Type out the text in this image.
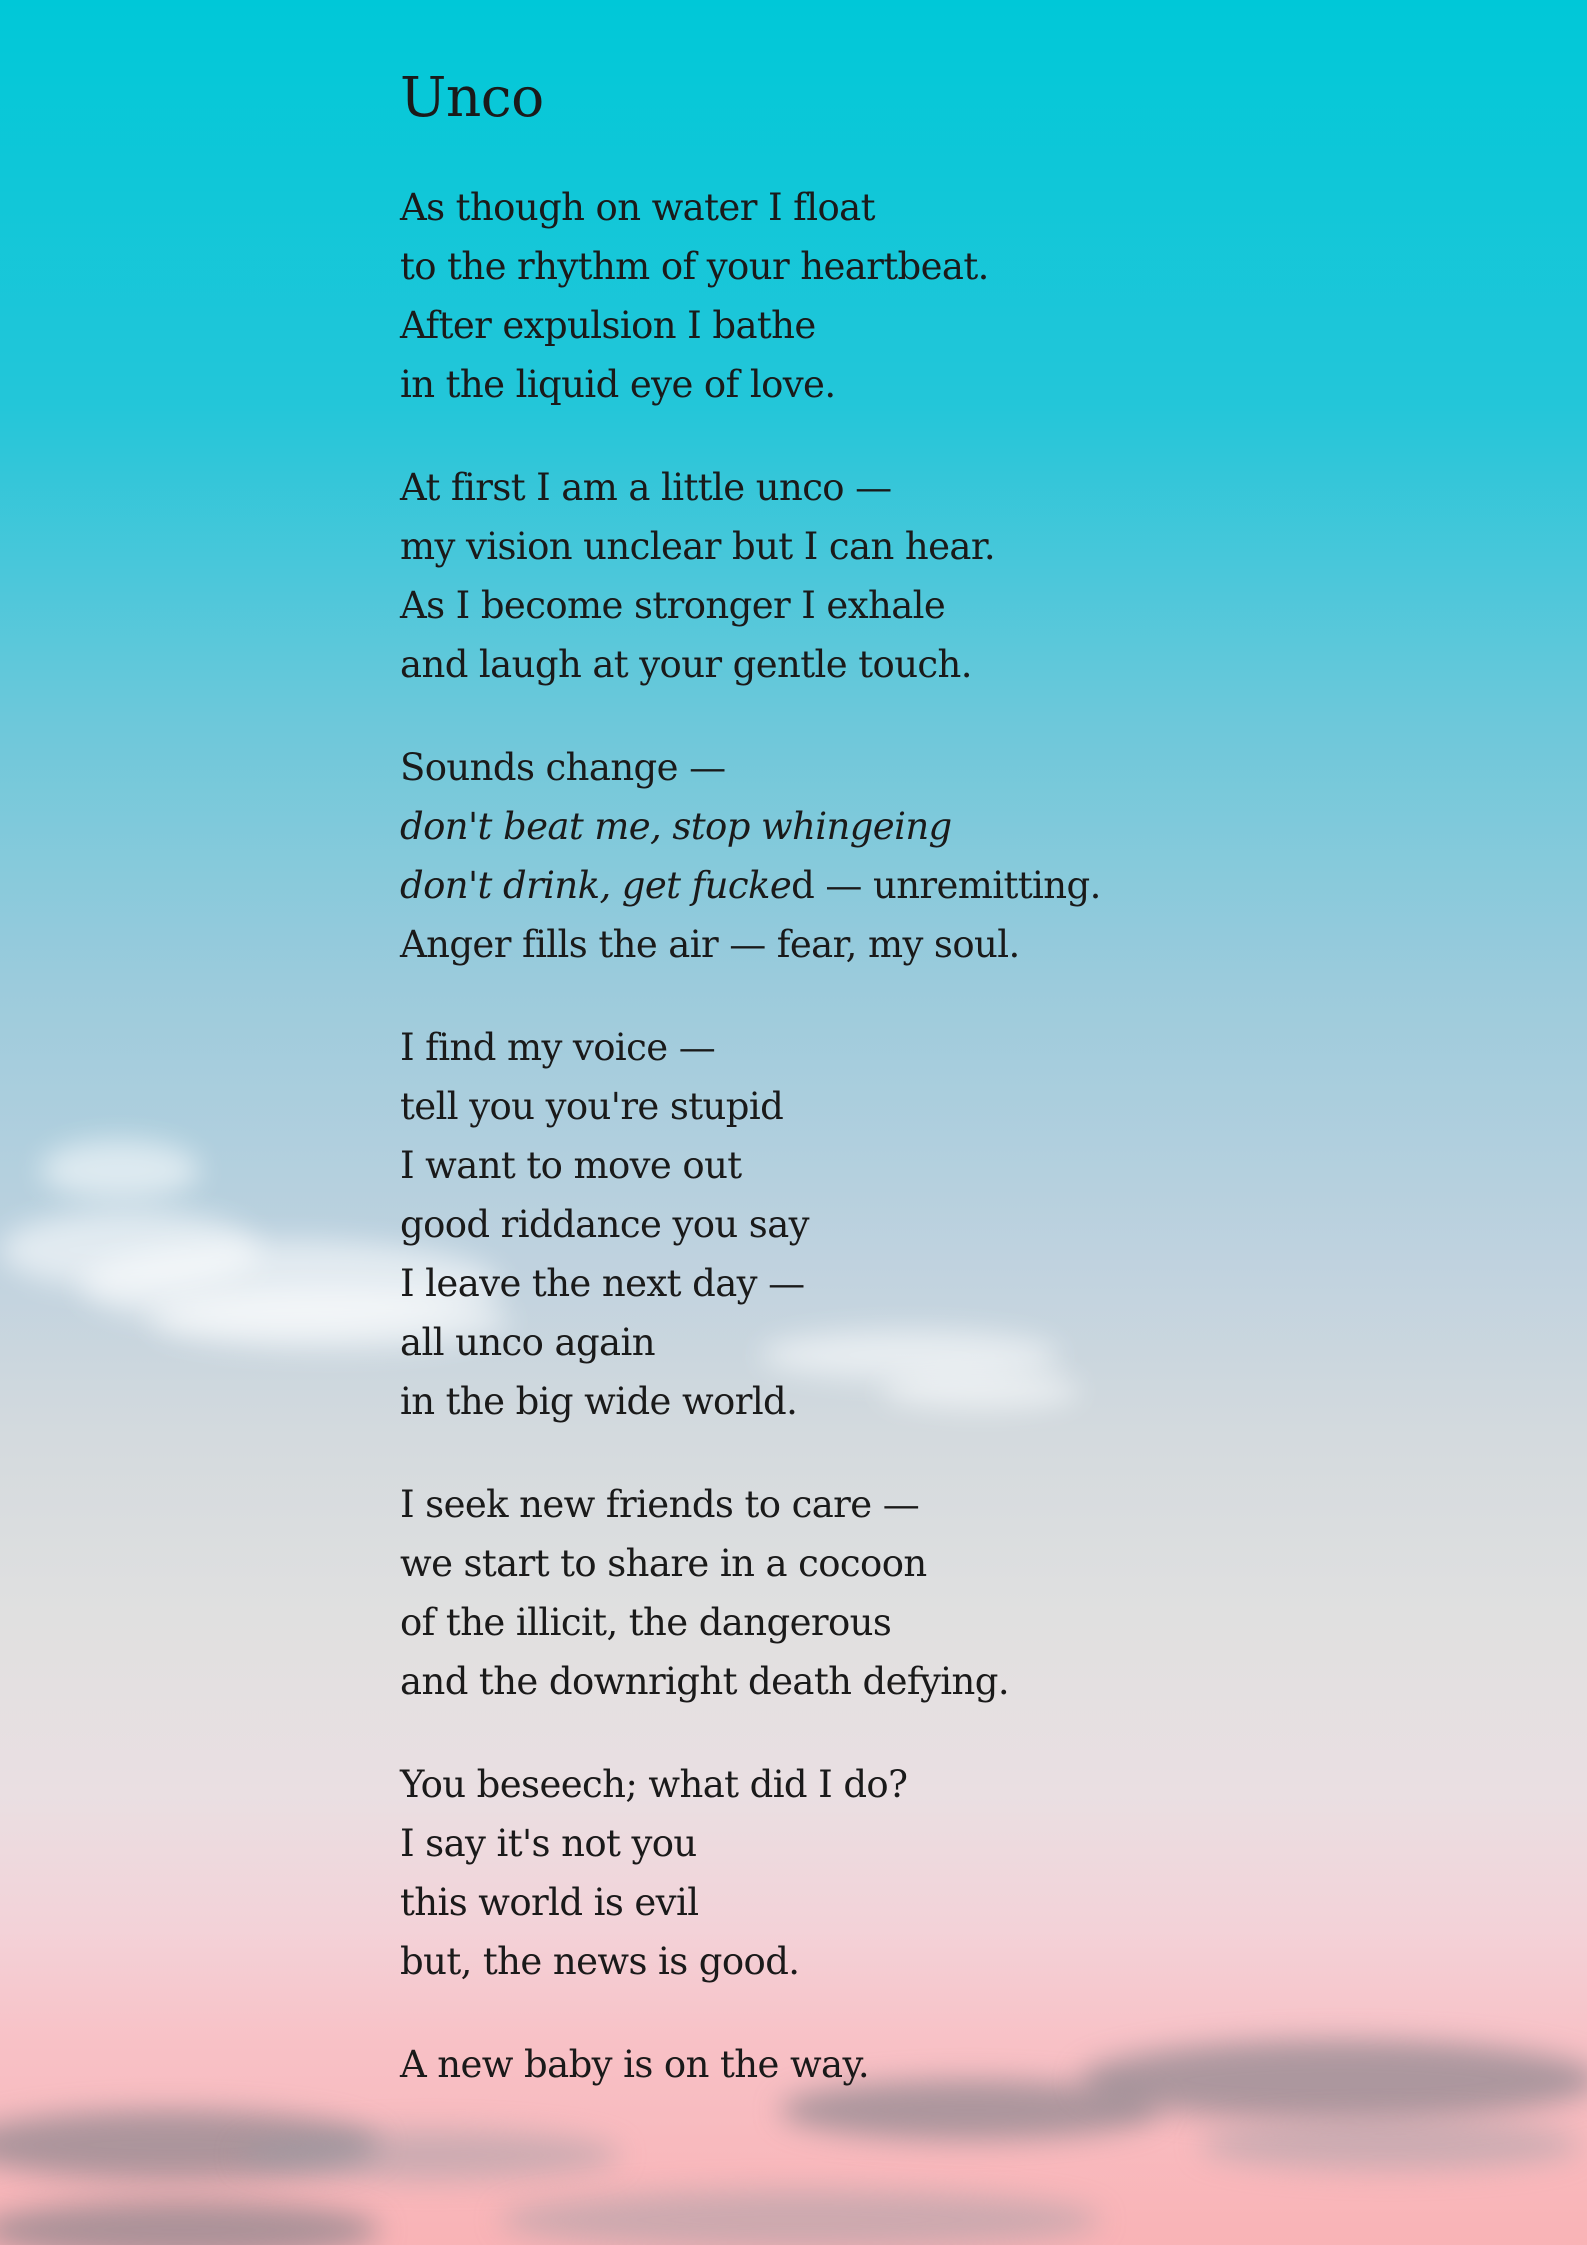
Unco
As though on water I float
to the rhythm of your heartbeat.
After expulsion I bathe
in the liquid eye of love.
At first I am a little unco —
my vision unclear but I can hear.
As I become stronger I exhale
and laugh at your gentle touch.
Sounds change —
don't beat me, stop whingeing
don't drink, get fucked — unremitting.
Anger fills the air — fear, my soul.
I find my voice —
tell you you're stupid
I want to move out
good riddance you say
I leave the next day —
all unco again
in the big wide world.
I seek new friends to care —
we start to share in a cocoon
of the illicit, the dangerous
and the downright death defying.
You beseech; what did I do?
I say it's not you
this world is evil
but, the news is good.
A new baby is on the way.
